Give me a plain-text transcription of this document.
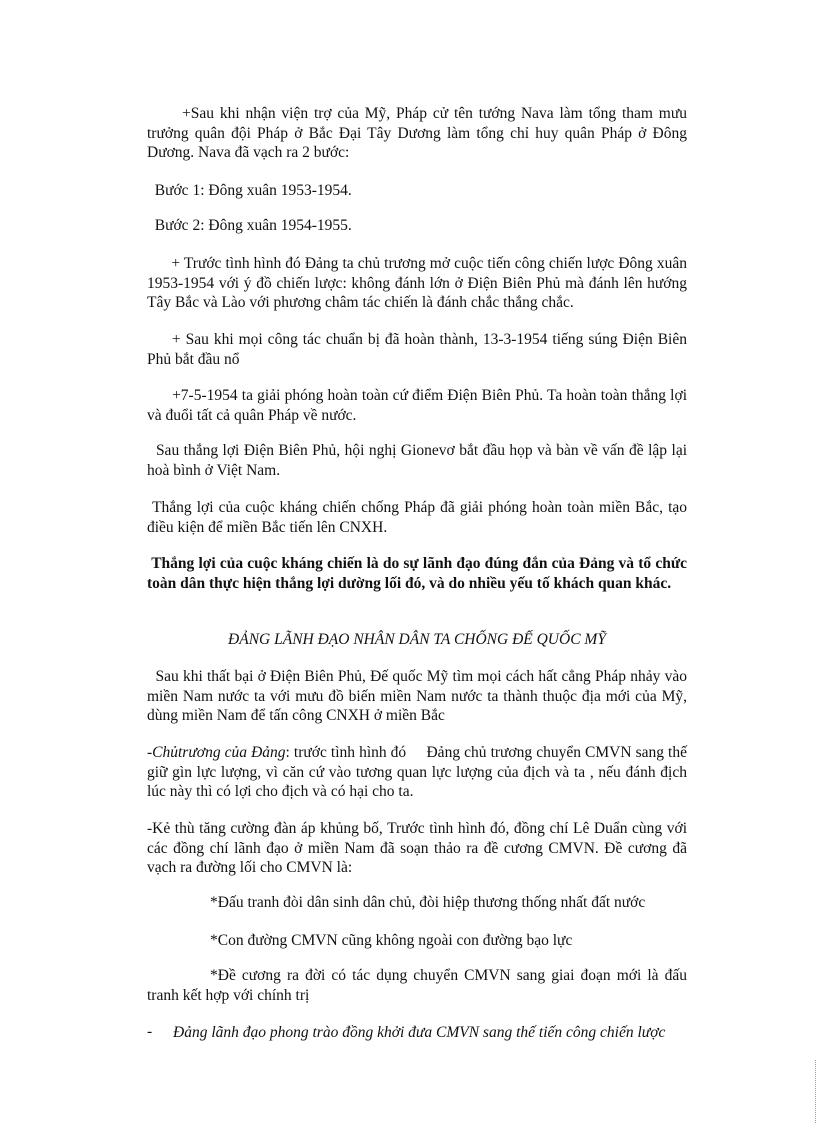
+Sau khi nhận viện trợ của Mỹ, Pháp cử tên tướng Nava làm tổng tham mưu trưởng quân đội Pháp ở Bắc Đại Tây Dương làm tổng chỉ huy quân Pháp ở Đông Dương. Nava đã vạch ra 2 bước:

Bước 1: Đông xuân 1953-1954.

Bước 2: Đông xuân 1954-1955.

+ Trước tình hình đó Đảng ta chủ trương mở cuộc tiến công chiến lược Đông xuân 1953-1954 với ý đồ chiến lược: không đánh lớn ở Điện Biên Phủ mà đánh lên hướng Tây Bắc và Lào với phương châm tác chiến là đánh chắc thắng chắc.

+ Sau khi mọi công tác chuẩn bị đã hoàn thành, 13-3-1954 tiếng súng Điện Biên Phủ bắt đầu nổ

+7-5-1954 ta giải phóng hoàn toàn cứ điểm Điện Biên Phủ. Ta hoàn toàn thắng lợi và đuổi tất cả quân Pháp về nước.

Sau thắng lợi Điện Biên Phủ, hội nghị Gionevơ bắt đầu họp và bàn về vấn đề lập lại hoà bình ở Việt Nam.

Thắng lợi của cuộc kháng chiến chống Pháp đã giải phóng hoàn toàn miền Bắc, tạo điều kiện để miền Bắc tiến lên CNXH.

Thắng lợi của cuộc kháng chiến là do sự lãnh đạo đúng đắn của Đảng và tổ chức toàn dân thực hiện thắng lợi dường lối đó, và do nhiều yếu tố khách quan khác.

ĐẢNG LÃNH ĐẠO NHÂN DÂN TA CHỐNG ĐẾ QUỐC MỸ

Sau khi thất bại ở Điện Biên Phủ, Đế quốc Mỹ tìm mọi cách hất cẳng Pháp nhảy vào miền Nam nước ta với mưu đồ biến miền Nam nước ta thành thuộc địa mới của Mỹ, dùng miền Nam để tấn công CNXH ở miền Bắc

-Chủtrương của Đảng: trước tình hình đó     Đảng chủ trương chuyển CMVN sang thế giữ gìn lực lượng, vì căn cứ vào tương quan lực lượng của địch và ta , nếu đánh địch lúc này thì có lợi cho địch và có hại cho ta.

-Kẻ thù tăng cường đàn áp khủng bố, Trước tình hình đó, đồng chí Lê Duẩn cùng với các đồng chí lãnh đạo ở miền Nam đã soạn thảo ra đề cương CMVN. Đề cương đã vạch ra đường lối cho CMVN là:

*Đấu tranh đòi dân sinh dân chủ, đòi hiệp thương thống nhất đất nước

*Con đường CMVN cũng không ngoài con đường bạo lực

*Đề cương ra đời có tác dụng chuyển CMVN sang giai đoạn mới là đấu tranh kết hợp với chính trị

- Đảng lãnh đạo phong trào đồng khởi đưa CMVN sang thế tiến công chiến lược
